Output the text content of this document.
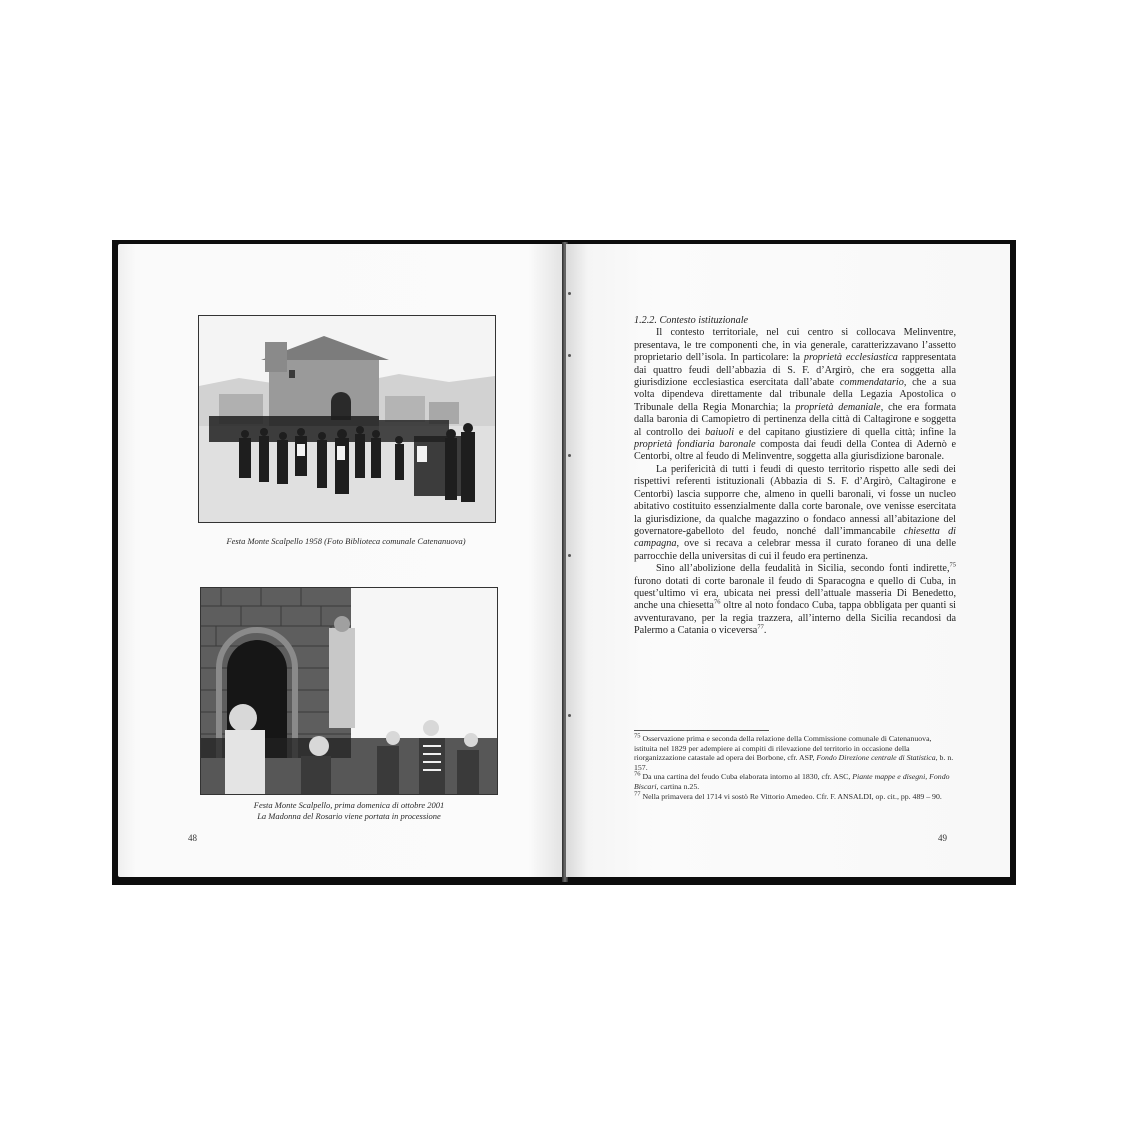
Festa Monte Scalpello 1958 (Foto Biblioteca comunale Catenanuova)
Festa Monte Scalpello, prima domenica di ottobre 2001
La Madonna del Rosario viene portata in processione
48

1.2.2. Contesto istituzionale

Il contesto territoriale, nel cui centro si collocava Melinventre, presentava, le tre componenti che, in via generale, caratterizzavano l’assetto proprietario dell’isola. In particolare: la proprietà ecclesiastica rappresentata dai quattro feudi dell’abbazia di S. F. d’Argirò, che era soggetta alla giurisdizione ecclesiastica esercitata dall’abate commendatario, che a sua volta dipendeva direttamente dal tribunale della Legazia Apostolica o Tribunale della Regia Monarchia; la proprietà demaniale, che era formata dalla baronia di Camopietro di pertinenza della città di Caltagirone e soggetta al controllo dei baiuoli e del capitano giustiziere di quella città; infine la proprietà fondiaria baronale composta dai feudi della Contea di Adernò e Centorbi, oltre al feudo di Melinventre, soggetta alla giurisdizione baronale.

La perifericità di tutti i feudi di questo territorio rispetto alle sedi dei rispettivi referenti istituzionali (Abbazia di S. F. d’Argirò, Caltagirone e Centorbi) lascia supporre che, almeno in quelli baronali, vi fosse un nucleo abitativo costituito essenzialmente dalla corte baronale, ove venisse esercitata la giurisdizione, da qualche magazzino o fondaco annessi all’abitazione del governatore-gabelloto del feudo, nonché dall’immancabile chiesetta di campagna, ove si recava a celebrar messa il curato foraneo di una delle parrocchie della universitas di cui il feudo era pertinenza.

Sino all’abolizione della feudalità in Sicilia, secondo fonti indirette,$^{75}$ furono dotati di corte baronale il feudo di Sparacogna e quello di Cuba, in quest’ultimo vi era, ubicata nei pressi dell’attuale masseria Di Benedetto, anche una chiesetta$^{76}$ oltre al noto fondaco Cuba, tappa obbligata per quanti si avventuravano, per la regia trazzera, all’interno della Sicilia recandosi da Palermo a Catania o viceversa$^{77}$.

$^{75}$ Osservazione prima e seconda della relazione della Commissione comunale di Catenanuova, istituita nel 1829 per adempiere ai compiti di rilevazione del territorio in occasione della riorganizzazione catastale ad opera dei Borbone, cfr. ASP, Fondo Direzione centrale di Statistica, b. n. 157.

$^{76}$ Da una cartina del feudo Cuba elaborata intorno al 1830, cfr. ASC, Piante mappe e disegni, Fondo Biscari, cartina n.25.

$^{77}$ Nella primavera del 1714 vi sostò Re Vittorio Amedeo. Cfr. F. ANSALDI, op. cit., pp. 489 – 90.

49
